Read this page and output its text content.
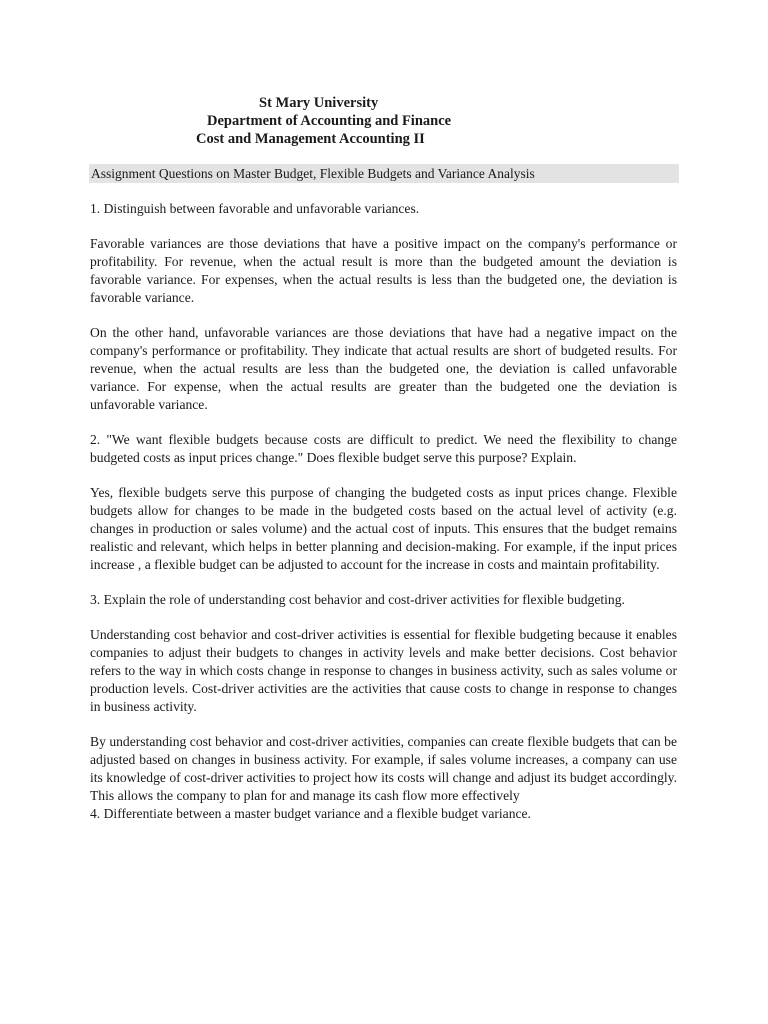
St Mary University
Department of Accounting and Finance
Cost and Management Accounting II
Assignment Questions on Master Budget, Flexible Budgets and Variance Analysis

1. Distinguish between favorable and unfavorable variances.

Favorable variances are those deviations that have a positive impact on the company's performance or profitability. For revenue, when the actual result is more than the budgeted amount the deviation is favorable variance. For expenses, when the actual results is less than the budgeted one, the deviation is favorable variance.

On the other hand, unfavorable variances are those deviations that have had a negative impact on the company's performance or profitability. They indicate that actual results are short of budgeted results. For revenue, when the actual results are less than the budgeted one, the deviation is called unfavorable variance. For expense, when the actual results are greater than the budgeted one the deviation is unfavorable variance.

2. "We want flexible budgets because costs are difficult to predict. We need the flexibility to change budgeted costs as input prices change." Does flexible budget serve this purpose? Explain.

Yes, flexible budgets serve this purpose of changing the budgeted costs as input prices change. Flexible budgets allow for changes to be made in the budgeted costs based on the actual level of activity (e.g. changes in production or sales volume) and the actual cost of inputs. This ensures that the budget remains realistic and relevant, which helps in better planning and decision-making. For example, if the input prices increase , a flexible budget can be adjusted to account for the increase in costs and maintain profitability.

3. Explain the role of understanding cost behavior and cost-driver activities for flexible budgeting.

Understanding cost behavior and cost-driver activities is essential for flexible budgeting because it enables companies to adjust their budgets to changes in activity levels and make better decisions. Cost behavior refers to the way in which costs change in response to changes in business activity, such as sales volume or production levels. Cost-driver activities are the activities that cause costs to change in response to changes in business activity.

By understanding cost behavior and cost-driver activities, companies can create flexible budgets that can be adjusted based on changes in business activity. For example, if sales volume increases, a company can use its knowledge of cost-driver activities to project how its costs will change and adjust its budget accordingly. This allows the company to plan for and manage its cash flow more effectively

4. Differentiate between a master budget variance and a flexible budget variance.
